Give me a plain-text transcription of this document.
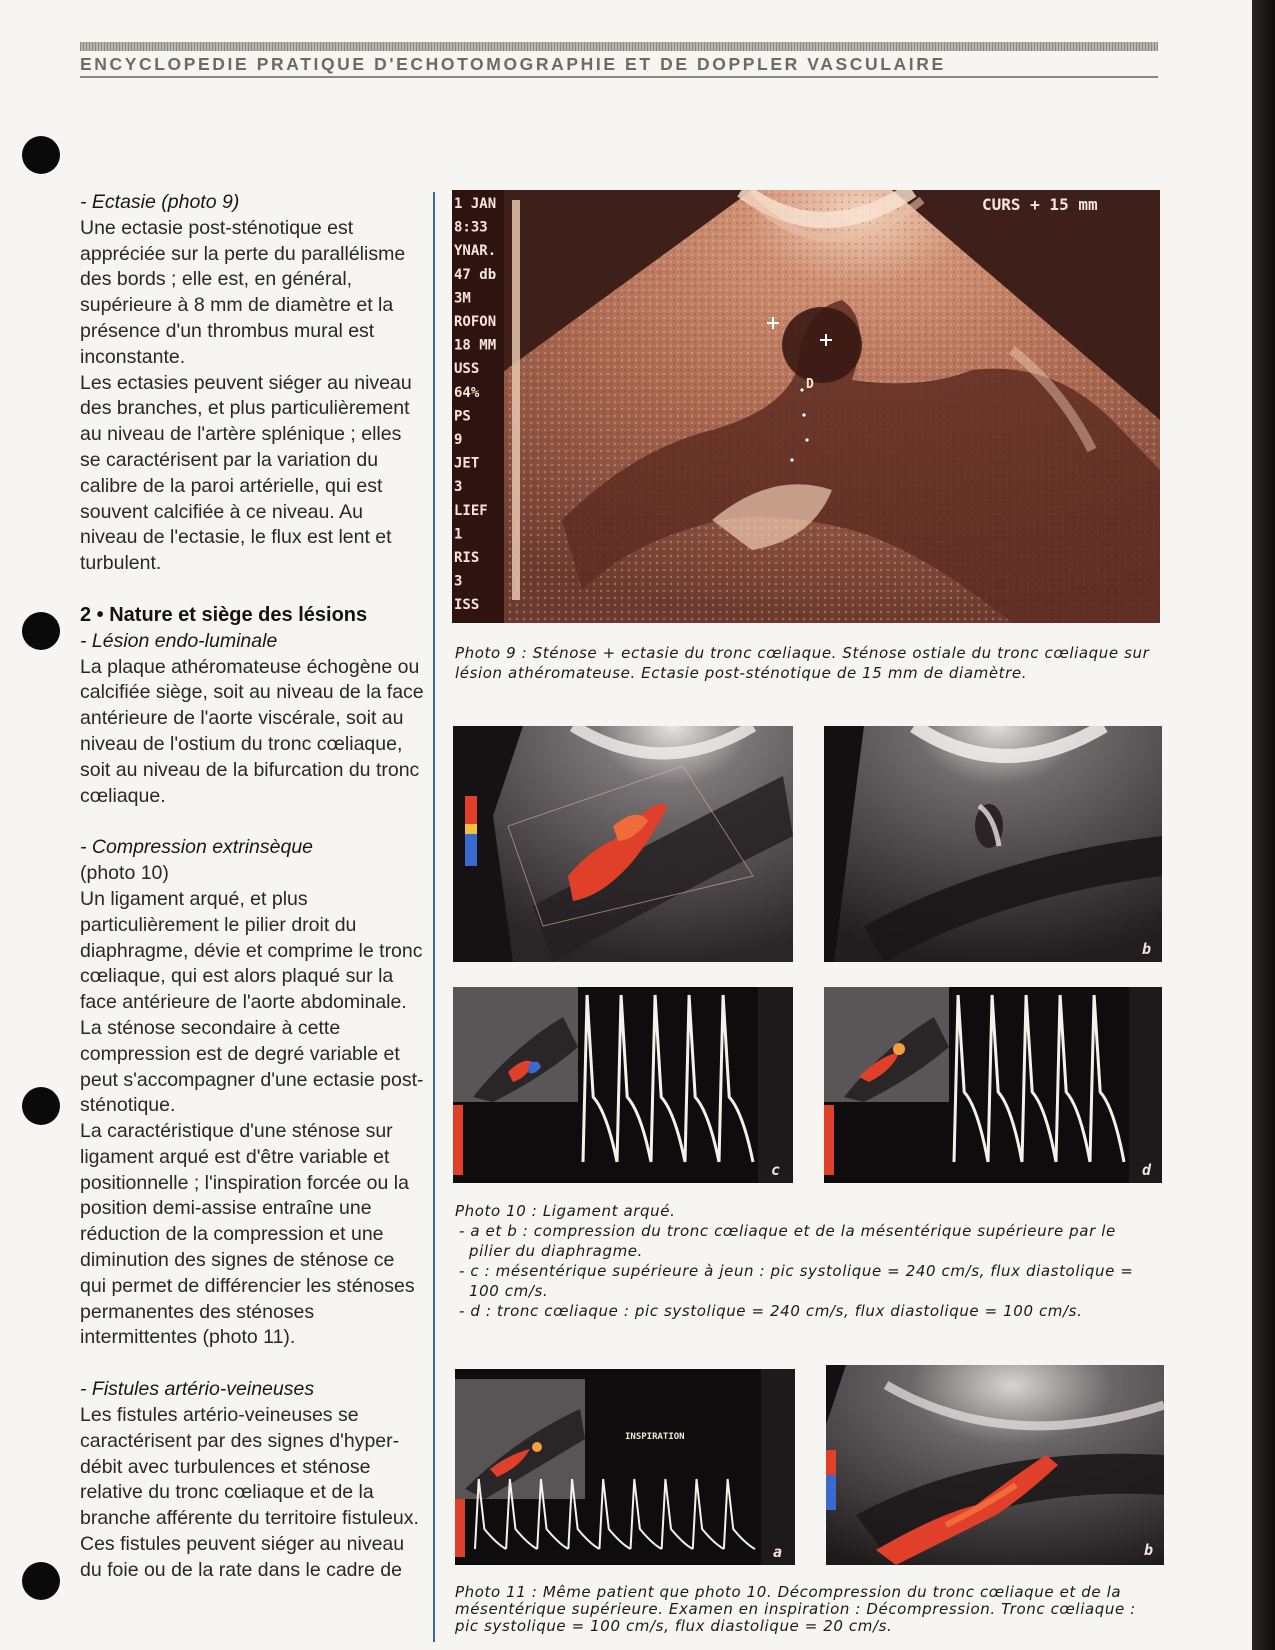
ENCYCLOPEDIE PRATIQUE D'ECHOTOMOGRAPHIE ET DE DOPPLER VASCULAIRE

- Ectasie (photo 9)

Une ectasie post-sténotique est appréciée sur la perte du parallélisme des bords ; elle est, en général, supérieure à 8 mm de diamètre et la présence d'un thrombus mural est inconstante.

Les ectasies peuvent siéger au niveau des branches, et plus particulièrement au niveau de l'artère splénique ; elles se caractérisent par la variation du calibre de la paroi artérielle, qui est souvent calcifiée à ce niveau. Au niveau de l'ectasie, le flux est lent et turbulent.

2 • Nature et siège des lésions

- Lésion endo-luminale

La plaque athéromateuse échogène ou calcifiée siège, soit au niveau de la face antérieure de l'aorte viscérale, soit au niveau de l'ostium du tronc cœliaque, soit au niveau de la bifurcation du tronc cœliaque.

- Compression extrinsèque

(photo 10)

Un ligament arqué, et plus particulièrement le pilier droit du diaphragme, dévie et comprime le tronc cœliaque, qui est alors plaqué sur la face antérieure de l'aorte abdominale.

La sténose secondaire à cette compression est de degré variable et peut s'accompagner d'une ectasie post-sténotique.

La caractéristique d'une sténose sur ligament arqué est d'être variable et positionnelle ; l'inspiration forcée ou la position demi-assise entraîne une réduction de la compression et une diminution des signes de sténose ce qui permet de différencier les sténoses permanentes des sténoses intermittentes (photo 11).

- Fistules artério-veineuses

Les fistules artério-veineuses se caractérisent par des signes d'hyper-débit avec turbulences et sténose relative du tronc cœliaque et de la branche afférente du territoire fistuleux.

Ces fistules peuvent siéger au niveau du foie ou de la rate dans le cadre de

1 JAN
8:33
YNAR.
47 db
3M
ROFON
18 MM
USS
64%
PS
9
JET
3
LIEF
1
RIS
3
ISS
CURS + 15 mm
D

Photo 9 : Sténose + ectasie du tronc cœliaque. Sténose ostiale du tronc cœliaque sur lésion athéromateuse. Ectasie post-sténotique de 15 mm de diamètre.

b
c	d

Photo 10 : Ligament arqué.

- a et b : compression du tronc cœliaque et de la mésentérique supérieure par le pilier du diaphragme.

- c : mésentérique supérieure à jeun : pic systolique = 240 cm/s, flux diastolique = 100 cm/s.

- d : tronc cœliaque : pic systolique = 240 cm/s, flux diastolique = 100 cm/s.

INSPIRATION
a	b

Photo 11 : Même patient que photo 10. Décompression du tronc cœliaque et de la mésentérique supérieure. Examen en inspiration : Décompression. Tronc cœliaque : pic systolique = 100 cm/s, flux diastolique = 20 cm/s.
